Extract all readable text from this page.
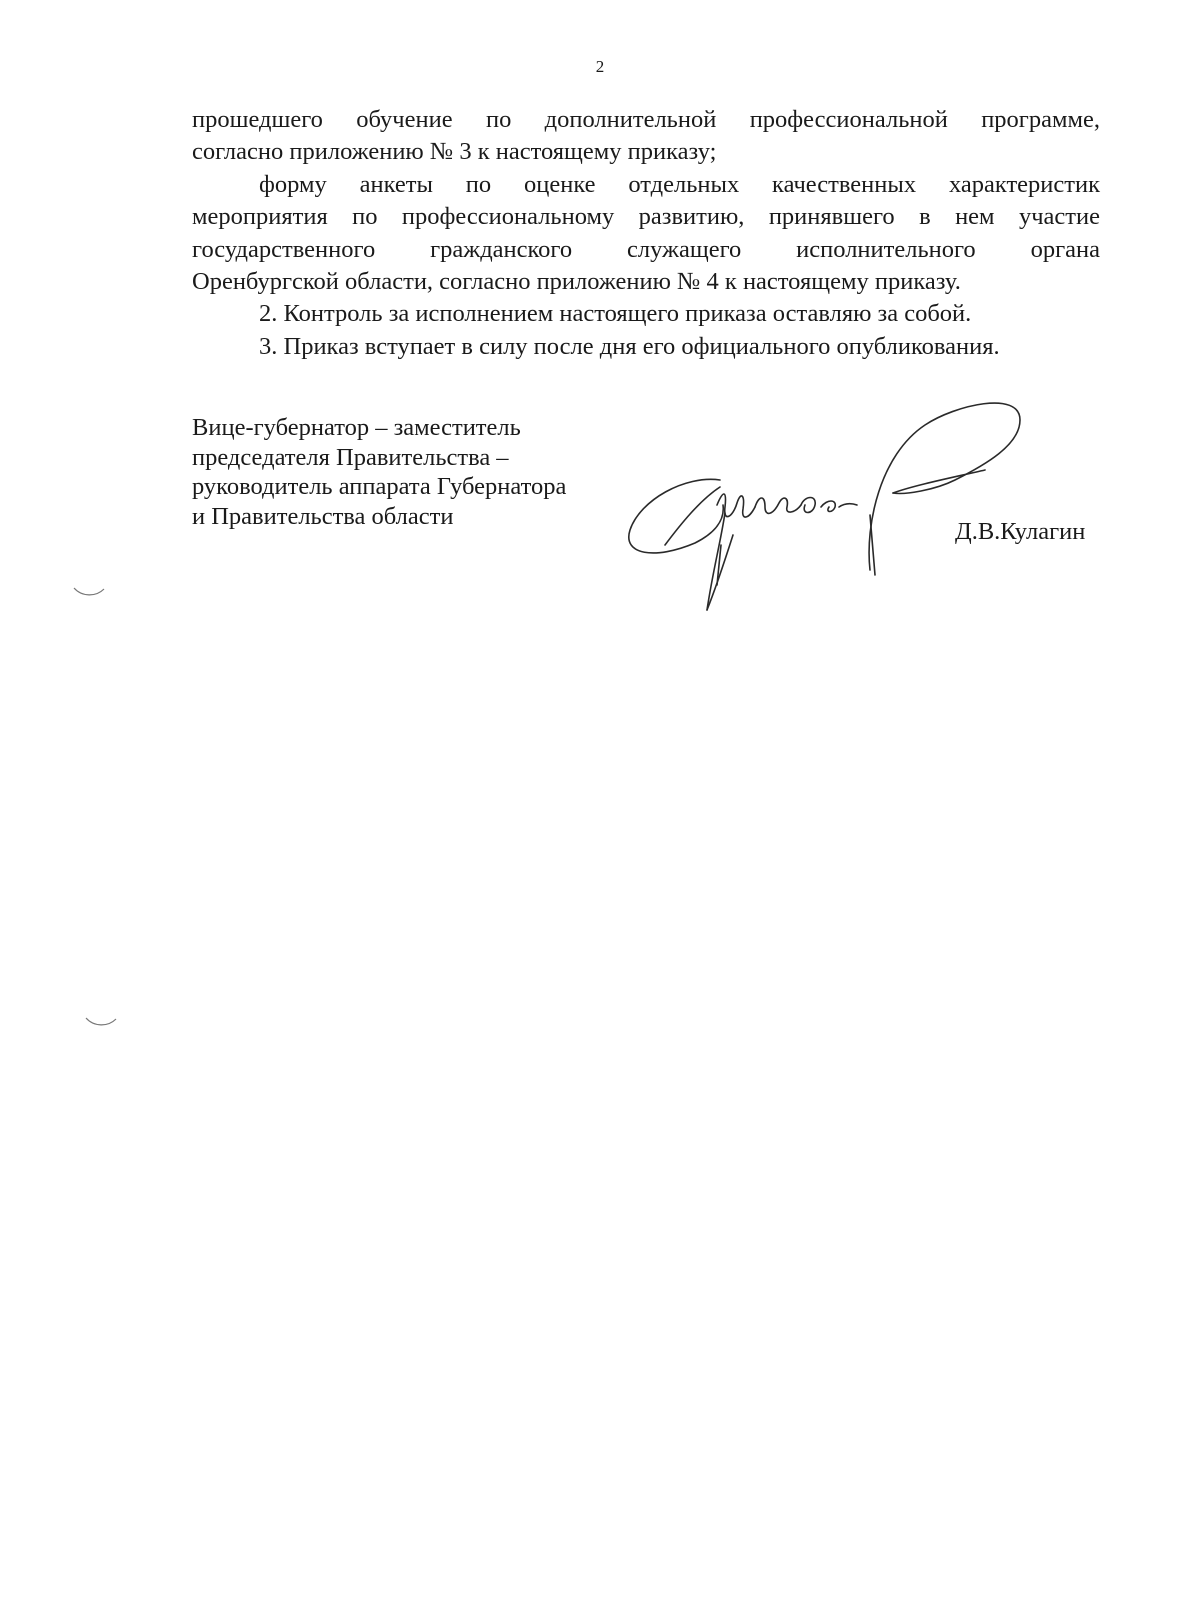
2

прошедшего обучение по дополнительной профессиональной программе,

согласно приложению № 3 к настоящему приказу;

форму анкеты по оценке отдельных качественных характеристик

мероприятия по профессиональному развитию, принявшего в нем участие

государственного гражданского служащего исполнительного органа

Оренбургской области, согласно приложению № 4 к настоящему приказу.

2. Контроль за исполнением настоящего приказа оставляю за собой.

3. Приказ вступает в силу после дня его официального опубликования.

Вице-губернатор – заместитель
председателя Правительства –
руководитель аппарата Губернатора
и Правительства области
Д.В.Кулагин
